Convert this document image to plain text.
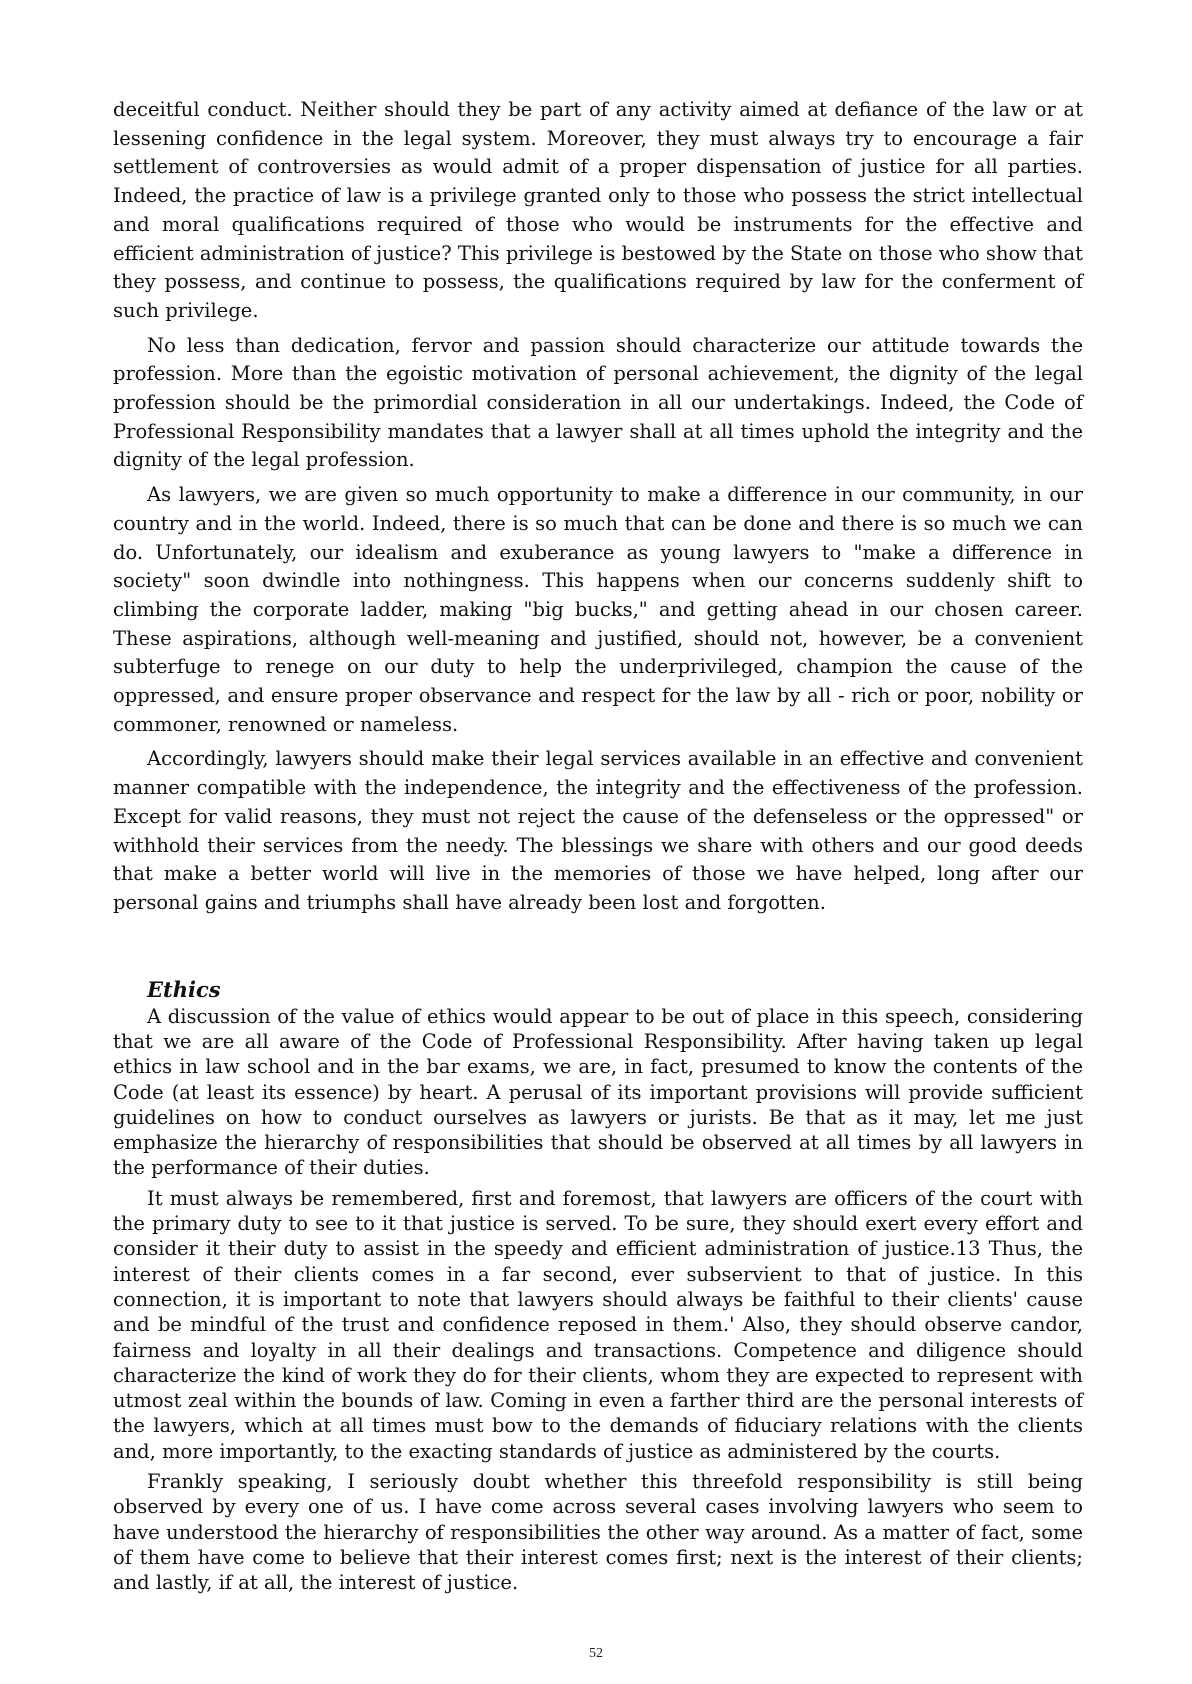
deceitful conduct. Neither should they be part of any activity aimed at defiance of the law or at lessening confidence in the legal system. Moreover, they must always try to encourage a fair settlement of controversies as would admit of a proper dispensation of justice for all parties. Indeed, the practice of law is a privilege granted only to those who possess the strict intellectual and moral qualifications required of those who would be instruments for the effective and efficient administration of justice? This privilege is bestowed by the State on those who show that they possess, and continue to possess, the qualifications required by law for the conferment of such privilege.

No less than dedication, fervor and passion should characterize our attitude towards the profession. More than the egoistic motivation of personal achievement, the dignity of the legal profession should be the primordial consideration in all our undertakings. Indeed, the Code of Professional Responsibility mandates that a lawyer shall at all times uphold the integrity and the dignity of the legal profession.

As lawyers, we are given so much opportunity to make a difference in our community, in our country and in the world. Indeed, there is so much that can be done and there is so much we can do. Unfortunately, our idealism and exuberance as young lawyers to "make a difference in society" soon dwindle into nothingness. This happens when our concerns suddenly shift to climbing the corporate ladder, making "big bucks," and getting ahead in our chosen career. These aspirations, although well-meaning and justified, should not, however, be a convenient subterfuge to renege on our duty to help the underprivileged, champion the cause of the oppressed, and ensure proper observance and respect for the law by all - rich or poor, nobility or commoner, renowned or nameless.

Accordingly, lawyers should make their legal services available in an effective and convenient manner compatible with the independence, the integrity and the effectiveness of the profession. Except for valid reasons, they must not reject the cause of the defenseless or the oppressed" or withhold their services from the needy. The blessings we share with others and our good deeds that make a better world will live in the memories of those we have helped, long after our personal gains and triumphs shall have already been lost and forgotten.

Ethics

A discussion of the value of ethics would appear to be out of place in this speech, considering that we are all aware of the Code of Professional Responsibility. After having taken up legal ethics in law school and in the bar exams, we are, in fact, presumed to know the contents of the Code (at least its essence) by heart. A perusal of its important provisions will provide sufficient guidelines on how to conduct ourselves as lawyers or jurists. Be that as it may, let me just emphasize the hierarchy of responsibilities that should be observed at all times by all lawyers in the performance of their duties.

It must always be remembered, first and foremost, that lawyers are officers of the court with the primary duty to see to it that justice is served. To be sure, they should exert every effort and consider it their duty to assist in the speedy and efficient administration of justice.13 Thus, the interest of their clients comes in a far second, ever subservient to that of justice. In this connection, it is important to note that lawyers should always be faithful to their clients' cause and be mindful of the trust and confidence reposed in them.' Also, they should observe candor, fairness and loyalty in all their dealings and transactions. Competence and diligence should characterize the kind of work they do for their clients, whom they are expected to represent with utmost zeal within the bounds of law. Coming in even a farther third are the personal interests of the lawyers, which at all times must bow to the demands of fiduciary relations with the clients and, more importantly, to the exacting standards of justice as administered by the courts.

Frankly speaking, I seriously doubt whether this threefold responsibility is still being observed by every one of us. I have come across several cases involving lawyers who seem to have understood the hierarchy of responsibilities the other way around. As a matter of fact, some of them have come to believe that their interest comes first; next is the interest of their clients; and lastly, if at all, the interest of justice.

52
